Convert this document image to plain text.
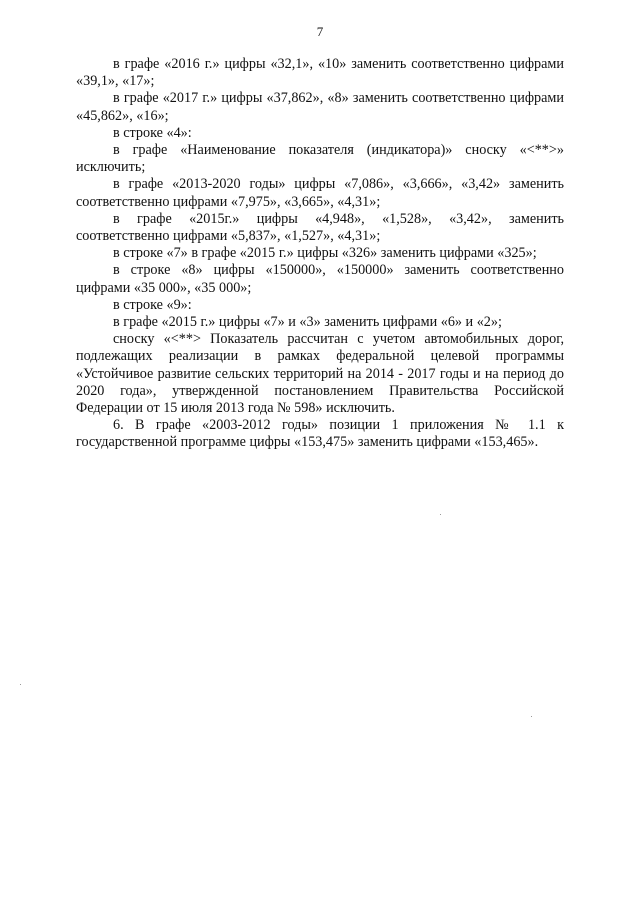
7

в графе «2016 г.» цифры «32,1», «10» заменить соответственно цифрами «39,1», «17»;

в графе «2017 г.» цифры «37,862», «8» заменить соответственно цифрами «45,862», «16»;

в строке «4»:

в графе «Наименование показателя (индикатора)» сноску «<**>» исключить;

в графе «2013-2020 годы» цифры «7,086», «3,666», «3,42» заменить соответственно цифрами «7,975», «3,665», «4,31»;

в графе «2015г.» цифры «4,948», «1,528», «3,42», заменить соответственно цифрами «5,837», «1,527», «4,31»;

в строке «7» в графе «2015 г.» цифры «326» заменить цифрами «325»;

в строке «8» цифры «150000», «150000» заменить соответственно цифрами «35 000», «35 000»;

в строке «9»:

в графе «2015 г.» цифры «7» и «3» заменить цифрами «6» и «2»;

сноску «<**> Показатель рассчитан с учетом автомобильных дорог, подлежащих реализации в рамках федеральной целевой программы «Устойчивое развитие сельских территорий на 2014 - 2017 годы и на период до 2020 года», утвержденной постановлением Правительства Российской Федерации от 15 июля 2013 года № 598» исключить.

6. В графе «2003-2012 годы» позиции 1 приложения № 1.1 к государственной программе цифры «153,475» заменить цифрами «153,465».
